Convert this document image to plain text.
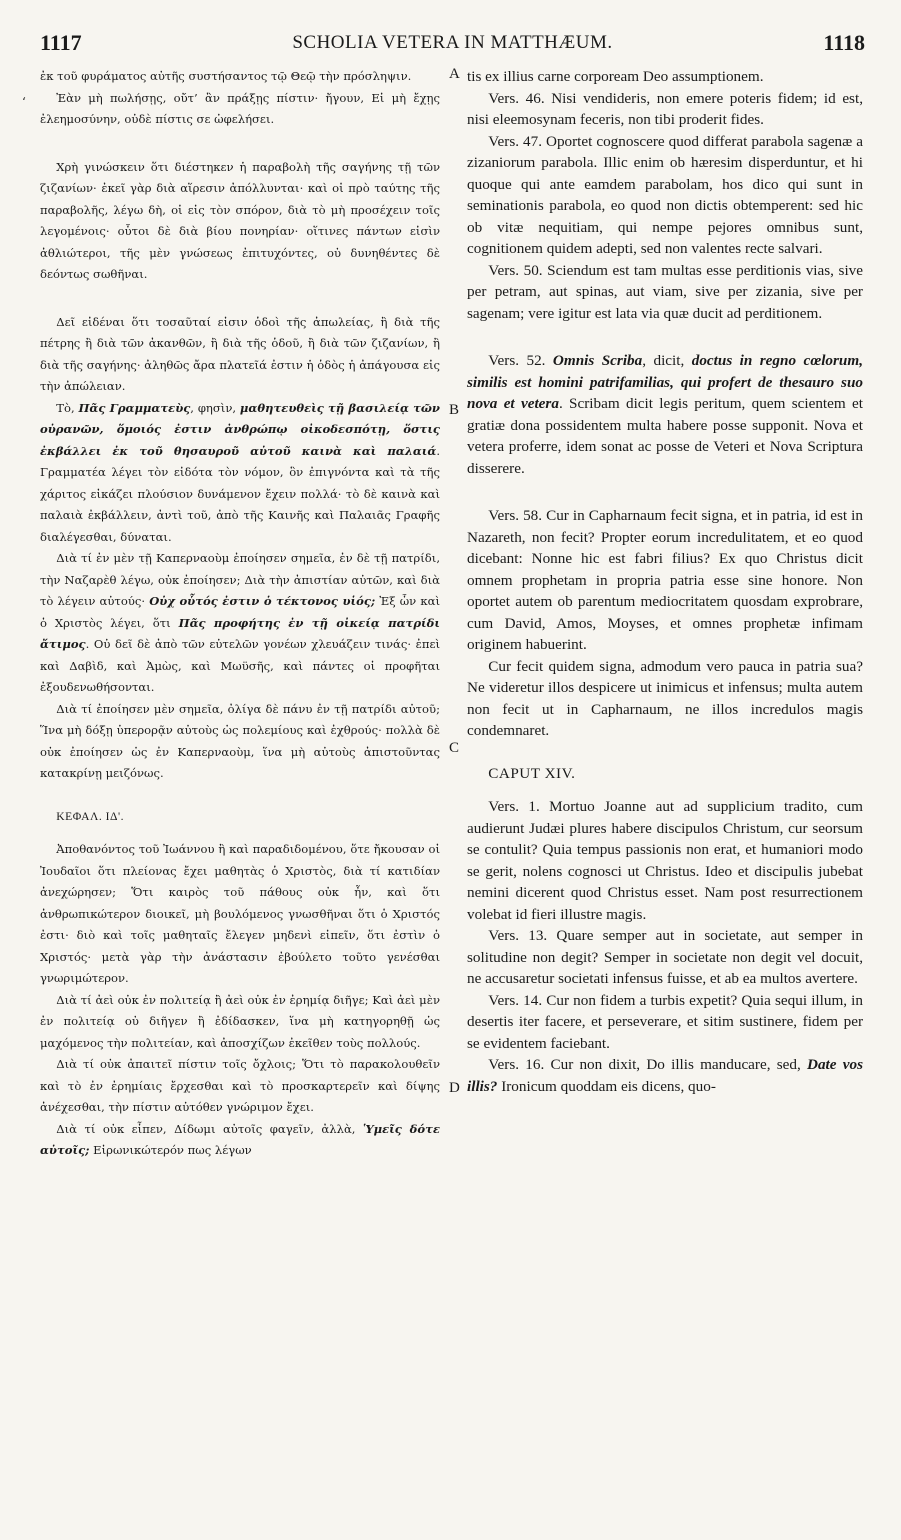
1117	SCHOLIA VETERA IN MATTHÆUM.	1118
ʻ
A
B
C
D

ἐκ τοῦ φυράματος αὐτῆς συστήσαντος τῷ Θεῷ τὴν πρόσληψιν.

Ἐὰν μὴ πωλήσῃς, οὔτ’ ἂν πράξῃς πίστιν· ἤγουν, Εἰ μὴ ἔχῃς ἐλεημοσύνην, οὐδὲ πίστις σε ὠφελήσει.

Χρὴ γινώσκειν ὅτι διέστηκεν ἡ παραβολὴ τῆς σαγήνης τῇ τῶν ζιζανίων· ἐκεῖ γὰρ διὰ αἵρεσιν ἀπόλλυνται· καὶ οἱ πρὸ ταύτης τῆς παραβολῆς, λέγω δὴ, οἱ εἰς τὸν σπόρον, διὰ τὸ μὴ προσέχειν τοῖς λεγομένοις· οὗτοι δὲ διὰ βίου πονηρίαν· οἵτινες πάντων εἰσὶν ἀθλιώτεροι, τῆς μὲν γνώσεως ἐπιτυχόντες, οὐ δυνηθέντες δὲ δεόντως σωθῆναι.

Δεῖ εἰδέναι ὅτι τοσαῦταί εἰσιν ὁδοὶ τῆς ἀπωλείας, ἢ διὰ τῆς πέτρης ἢ διὰ τῶν ἀκανθῶν, ἢ διὰ τῆς ὁδοῦ, ἢ διὰ τῶν ζιζανίων, ἢ διὰ τῆς σαγήνης· ἀληθῶς ἄρα πλατεῖά ἐστιν ἡ ὁδὸς ἡ ἀπάγουσα εἰς τὴν ἀπώλειαν.

Τὸ, Πᾶς Γραμματεὺς, φησὶν, μαθητευθεὶς τῇ βασιλείᾳ τῶν οὐρανῶν, ὅμοιός ἐστιν ἀνθρώπῳ οἰκοδεσπότῃ, ὅστις ἐκβάλλει ἐκ τοῦ θησαυροῦ αὐτοῦ καινὰ καὶ παλαιά. Γραμματέα λέγει τὸν εἰδότα τὸν νόμον, ὃν ἐπιγνόντα καὶ τὰ τῆς χάριτος εἰκάζει πλούσιον δυνάμενον ἔχειν πολλά· τὸ δὲ καινὰ καὶ παλαιὰ ἐκβάλλειν, ἀντὶ τοῦ, ἀπὸ τῆς Καινῆς καὶ Παλαιᾶς Γραφῆς διαλέγεσθαι, δύναται.

Διὰ τί ἐν μὲν τῇ Καπερναοὺμ ἐποίησεν σημεῖα, ἐν δὲ τῇ πατρίδι, τὴν Ναζαρὲθ λέγω, οὐκ ἐποίησεν; Διὰ τὴν ἀπιστίαν αὐτῶν, καὶ διὰ τὸ λέγειν αὐτούς· Οὐχ οὗτός ἐστιν ὁ τέκτονος υἱός; Ἐξ ὧν καὶ ὁ Χριστὸς λέγει, ὅτι Πᾶς προφήτης ἐν τῇ οἰκείᾳ πατρίδι ἄτιμος. Οὐ δεῖ δὲ ἀπὸ τῶν εὐτελῶν γονέων χλευάζειν τινάς· ἐπεὶ καὶ Δαβὶδ, καὶ Ἀμὼς, καὶ Μωϋσῆς, καὶ πάντες οἱ προφῆται ἐξουδενωθήσονται.

Διὰ τί ἐποίησεν μὲν σημεῖα, ὀλίγα δὲ πάνυ ἐν τῇ πατρίδι αὐτοῦ; Ἵνα μὴ δόξῃ ὑπερορᾷν αὐτοὺς ὡς πολεμίους καὶ ἐχθρούς· πολλὰ δὲ οὐκ ἐποίησεν ὡς ἐν Καπερναοὺμ, ἵνα μὴ αὐτοὺς ἀπιστοῦντας κατακρίνῃ μειζόνως.

ΚΕΦΑΛ. ΙΔ'.

Ἀποθανόντος τοῦ Ἰωάννου ἢ καὶ παραδιδομένου, ὅτε ἤκουσαν οἱ Ἰουδαῖοι ὅτι πλείονας ἔχει μαθητὰς ὁ Χριστὸς, διὰ τί κατιδίαν ἀνεχώρησεν; Ὅτι καιρὸς τοῦ πάθους οὐκ ἦν, καὶ ὅτι ἀνθρωπικώτερον διοικεῖ, μὴ βουλόμενος γνωσθῆναι ὅτι ὁ Χριστός ἐστι· διὸ καὶ τοῖς μαθηταῖς ἔλεγεν μηδενὶ εἰπεῖν, ὅτι ἐστὶν ὁ Χριστός· μετὰ γὰρ τὴν ἀνάστασιν ἐβούλετο τοῦτο γενέσθαι γνωριμώτερον.

Διὰ τί ἀεὶ οὐκ ἐν πολιτείᾳ ἢ ἀεὶ οὐκ ἐν ἐρημίᾳ διῆγε; Καὶ ἀεὶ μὲν ἐν πολιτείᾳ οὐ διῆγεν ἢ ἐδίδασκεν, ἵνα μὴ κατηγορηθῇ ὡς μαχόμενος τὴν πολιτείαν, καὶ ἀποσχίζων ἐκεῖθεν τοὺς πολλούς.

Διὰ τί οὐκ ἀπαιτεῖ πίστιν τοῖς ὄχλοις; Ὅτι τὸ παρακολουθεῖν καὶ τὸ ἐν ἐρημίαις ἔρχεσθαι καὶ τὸ προσκαρτερεῖν καὶ δίψης ἀνέχεσθαι, τὴν πίστιν αὐτόθεν γνώριμον ἔχει.

Διὰ τί οὐκ εἶπεν, Δίδωμι αὐτοῖς φαγεῖν, ἀλλὰ, Ὑμεῖς δότε αὐτοῖς; Εἰρωνικώτερόν πως λέγων

tis ex illius carne corpoream Deo assumptionem.

Vers. 46. Nisi vendideris, non emere poteris fidem; id est, nisi eleemosynam feceris, non tibi proderit fides.

Vers. 47. Oportet cognoscere quod differat parabola sagenæ a zizaniorum parabola. Illic enim ob hæresim disperduntur, et hi quoque qui ante eamdem parabolam, hos dico qui sunt in seminationis parabola, eo quod non dictis obtemperent: sed hic ob vitæ nequitiam, qui nempe pejores omnibus sunt, cognitionem quidem adepti, sed non valentes recte salvari.

Vers. 50. Sciendum est tam multas esse perditionis vias, sive per petram, aut spinas, aut viam, sive per zizania, sive per sagenam; vere igitur est lata via quæ ducit ad perditionem.

Vers. 52. Omnis Scriba, dicit, doctus in regno cœlorum, similis est homini patrifamilias, qui profert de thesauro suo nova et vetera. Scribam dicit legis peritum, quem scientem et gratiæ dona possidentem multa habere posse supponit. Nova et vetera proferre, idem sonat ac posse de Veteri et Nova Scriptura disserere.

Vers. 58. Cur in Capharnaum fecit signa, et in patria, id est in Nazareth, non fecit? Propter eorum incredulitatem, et eo quod dicebant: Nonne hic est fabri filius? Ex quo Christus dicit omnem prophetam in propria patria esse sine honore. Non oportet autem ob parentum mediocritatem quosdam exprobrare, cum David, Amos, Moyses, et omnes prophetæ infimam originem habuerint.

Cur fecit quidem signa, admodum vero pauca in patria sua? Ne videretur illos despicere ut inimicus et infensus; multa autem non fecit ut in Capharnaum, ne illos incredulos magis condemnaret.

CAPUT XIV.

Vers. 1. Mortuo Joanne aut ad supplicium tradito, cum audierunt Judæi plures habere discipulos Christum, cur seorsum se contulit? Quia tempus passionis non erat, et humaniori modo se gerit, nolens cognosci ut Christus. Ideo et discipulis jubebat nemini dicerent quod Christus esset. Nam post resurrectionem volebat id fieri illustre magis.

Vers. 13. Quare semper aut in societate, aut semper in solitudine non degit? Semper in societate non degit vel docuit, ne accusaretur societati infensus fuisse, et ab ea multos avertere.

Vers. 14. Cur non fidem a turbis expetit? Quia sequi illum, in desertis iter facere, et perseverare, et sitim sustinere, fidem per se evidentem faciebant.

Vers. 16. Cur non dixit, Do illis manducare, sed, Date vos illis? Ironicum quoddam eis dicens, quo-
